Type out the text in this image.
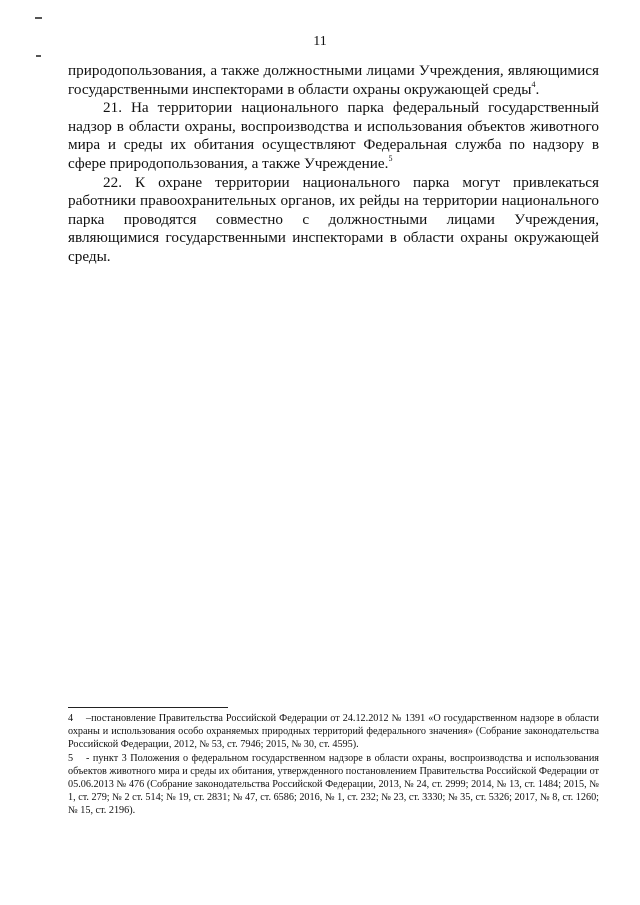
11

природопользования, а также должностными лицами Учреждения, являющимися государственными инспекторами в области охраны окружающей среды$^4$.

21. На территории национального парка федеральный государственный надзор в области охраны, воспроизводства и использования объектов животного мира и среды их обитания осуществляют Федеральная служба по надзору в сфере природопользования, а также Учреждение.$^5$

22. К охране территории национального парка могут привлекаться работники правоохранительных органов, их рейды на территории национального парка проводятся совместно с должностными лицами Учреждения, являющимися государственными инспекторами в области охраны окружающей среды.

4 –постановление Правительства Российской Федерации от 24.12.2012 № 1391 «О государственном надзоре в области охраны и использования особо охраняемых природных территорий федерального значения» (Собрание законодательства Российской Федерации, 2012, № 53, ст. 7946; 2015, № 30, ст. 4595).

5 - пункт 3 Положения о федеральном государственном надзоре в области охраны, воспроизводства и использования объектов животного мира и среды их обитания, утвержденного постановлением Правительства Российской Федерации от 05.06.2013 № 476 (Собрание законодательства Российской Федерации, 2013, № 24, ст. 2999; 2014, № 13, ст. 1484; 2015, № 1, ст. 279; № 2 ст. 514; № 19, ст. 2831; № 47, ст. 6586; 2016, № 1, ст. 232; № 23, ст. 3330; № 35, ст. 5326; 2017, № 8, ст. 1260; № 15, ст. 2196).
